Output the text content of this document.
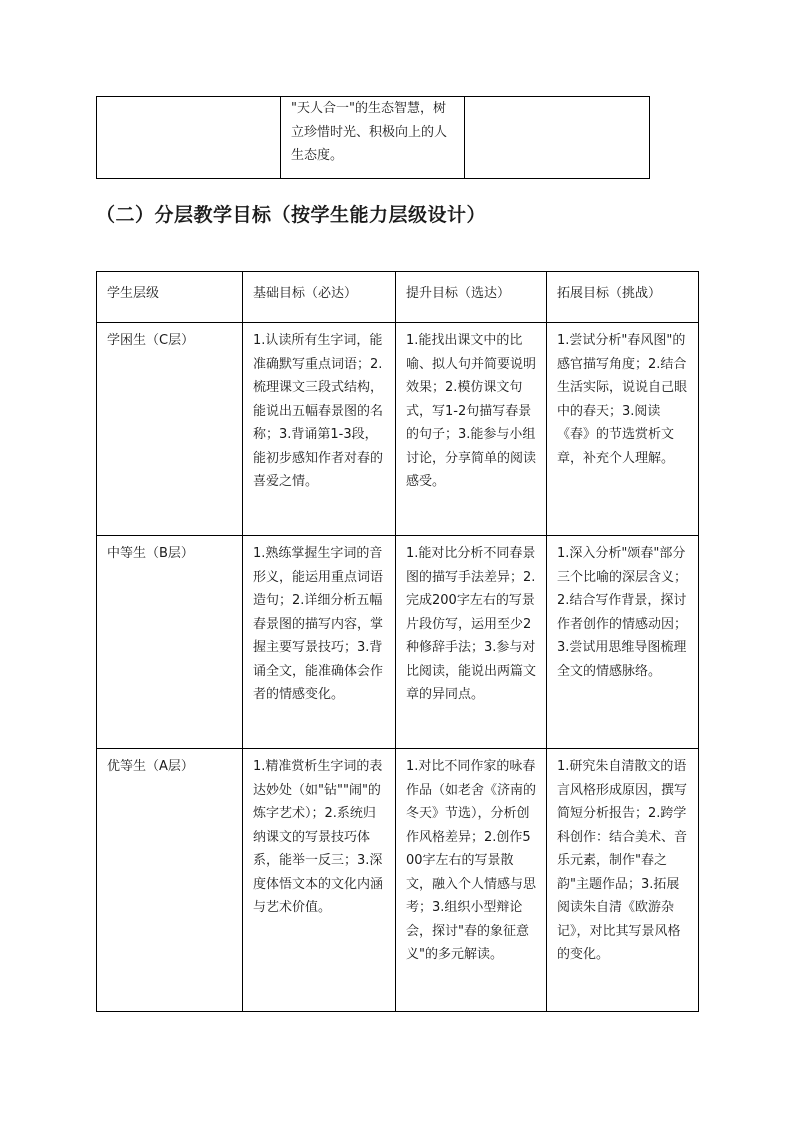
	"天人合一"的生态智慧，树立珍惜时光、积极向上的人生态度。	
（二）分层教学目标（按学生能力层级设计）
学生层级	基础目标（必达）	提升目标（选达）	拓展目标（挑战）
学困生（C层）	1.认读所有生字词，能准确默写重点词语；2.梳理课文三段式结构，能说出五幅春景图的名称；3.背诵第1-3段，能初步感知作者对春的喜爱之情。	1.能找出课文中的比喻、拟人句并简要说明效果；2.模仿课文句式，写1-2句描写春景的句子；3.能参与小组讨论，分享简单的阅读感受。	1.尝试分析"春风图"的感官描写角度；2.结合生活实际，说说自己眼中的春天；3.阅读《春》的节选赏析文章，补充个人理解。
中等生（B层）	1.熟练掌握生字词的音形义，能运用重点词语造句；2.详细分析五幅春景图的描写内容，掌握主要写景技巧；3.背诵全文，能准确体会作者的情感变化。	1.能对比分析不同春景图的描写手法差异；2.完成200字左右的写景片段仿写，运用至少2种修辞手法；3.参与对比阅读，能说出两篇文章的异同点。	1.深入分析"颂春"部分三个比喻的深层含义；2.结合写作背景，探讨作者创作的情感动因；3.尝试用思维导图梳理全文的情感脉络。
优等生（A层）	1.精准赏析生字词的表达妙处（如"钻""闹"的炼字艺术）；2.系统归纳课文的写景技巧体系，能举一反三；3.深度体悟文本的文化内涵与艺术价值。	1.对比不同作家的咏春作品（如老舍《济南的冬天》节选），分析创作风格差异；2.创作500字左右的写景散文，融入个人情感与思考；3.组织小型辩论会，探讨"春的象征意义"的多元解读。	1.研究朱自清散文的语言风格形成原因，撰写简短分析报告；2.跨学科创作：结合美术、音乐元素，制作"春之韵"主题作品；3.拓展阅读朱自清《欧游杂记》，对比其写景风格的变化。
